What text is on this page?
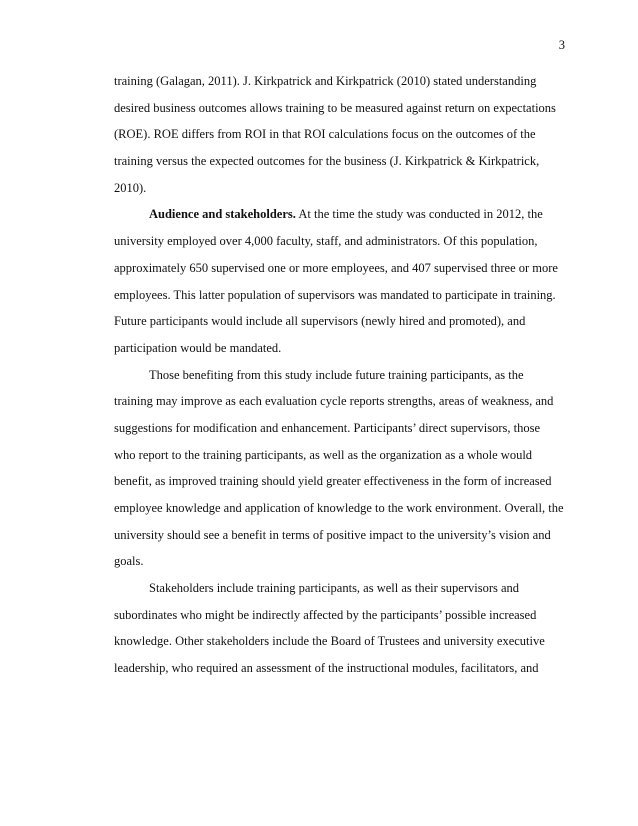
3
training (Galagan, 2011). J. Kirkpatrick and Kirkpatrick (2010) stated understanding
desired business outcomes allows training to be measured against return on expectations
(ROE). ROE differs from ROI in that ROI calculations focus on the outcomes of the
training versus the expected outcomes for the business (J. Kirkpatrick & Kirkpatrick,
2010).
Audience and stakeholders. At the time the study was conducted in 2012, the
university employed over 4,000 faculty, staff, and administrators. Of this population,
approximately 650 supervised one or more employees, and 407 supervised three or more
employees. This latter population of supervisors was mandated to participate in training.
Future participants would include all supervisors (newly hired and promoted), and
participation would be mandated.
Those benefiting from this study include future training participants, as the
training may improve as each evaluation cycle reports strengths, areas of weakness, and
suggestions for modification and enhancement. Participants’ direct supervisors, those
who report to the training participants, as well as the organization as a whole would
benefit, as improved training should yield greater effectiveness in the form of increased
employee knowledge and application of knowledge to the work environment. Overall, the
university should see a benefit in terms of positive impact to the university’s vision and
goals.
Stakeholders include training participants, as well as their supervisors and
subordinates who might be indirectly affected by the participants’ possible increased
knowledge. Other stakeholders include the Board of Trustees and university executive
leadership, who required an assessment of the instructional modules, facilitators, and
